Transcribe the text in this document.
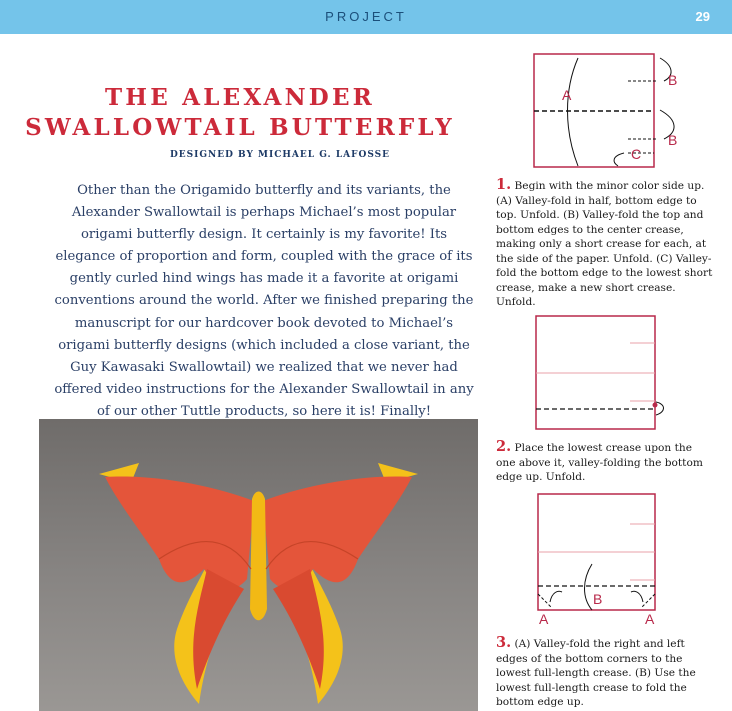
PROJECT	29
THE ALEXANDER
SWALLOWTAIL BUTTERFLY
DESIGNED BY MICHAEL G. LAFOSSE

Other than the Origamido butterfly and its variants, the Alexander Swallowtail is perhaps Michael’s most popular origami butterfly design. It certainly is my favorite! Its elegance of proportion and form, coupled with the grace of its gently curled hind wings has made it a favorite at origami conventions around the world. After we finished preparing the manuscript for our hardcover book devoted to Michael’s origami butterfly designs (which included a close variant, the Guy Kawasaki Swallowtail) we realized that we never had offered video instructions for the Alexander Swallowtail in any of our other Tuttle products, so here it is! Finally!

A
B
B
C

1. Begin with the minor color side up. (A) Valley-fold in half, bottom edge to top. Unfold. (B) Valley-fold the top and bottom edges to the center crease, making only a short crease for each, at the side of the paper. Unfold. (C) Valley-fold the bottom edge to the lowest short crease, make a new short crease. Unfold.

2. Place the lowest crease upon the one above it, valley-folding the bottom edge up. Unfold.

A
B
A

3. (A) Valley-fold the right and left edges of the bottom corners to the lowest full-length crease. (B) Use the lowest full-length crease to fold the bottom edge up.
